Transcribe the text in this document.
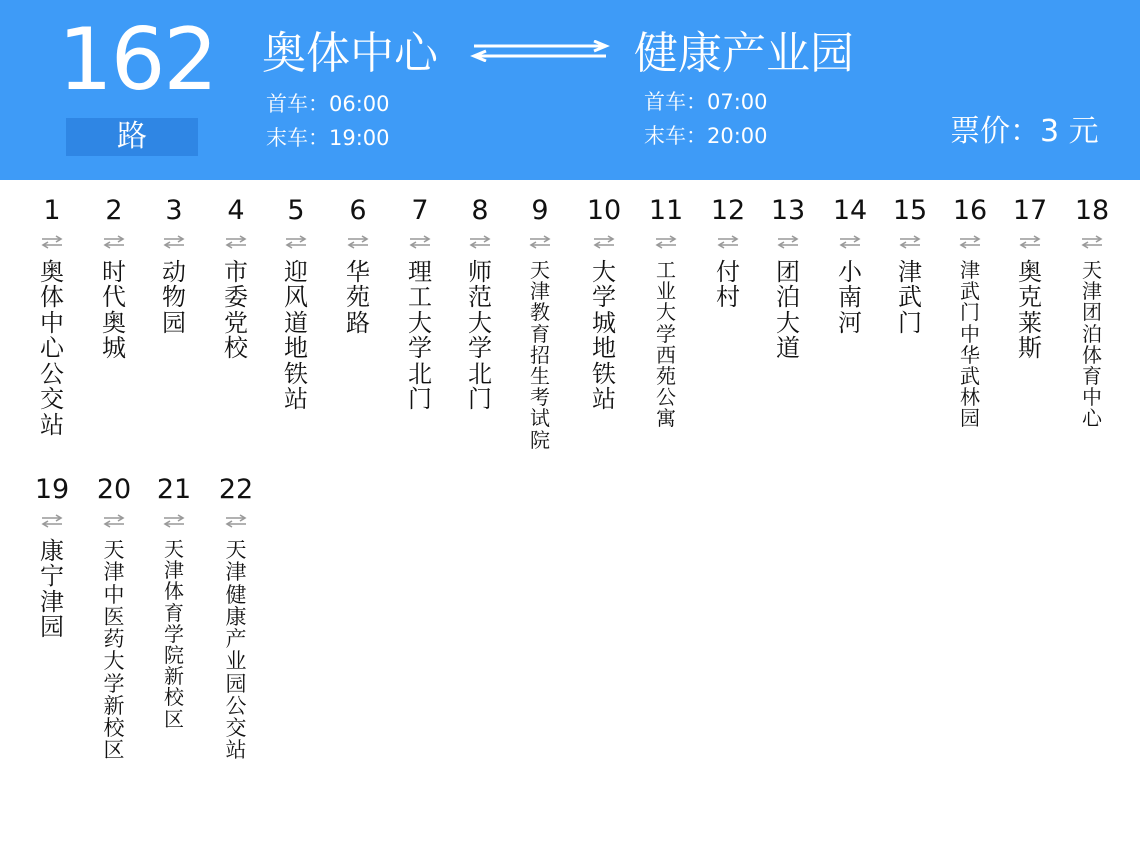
162
路
奥体中心	健康产业园
首车：06:00
末车：19:00
首车：07:00
末车：20:00	票价：3 元
1
奥
体
中
心
公
交
站
2
时
代
奥
城
3
动
物
园
4
市
委
党
校
5
迎
风
道
地
铁
站
6
华
苑
路
7
理
工
大
学
北
门
8
师
范
大
学
北
门
9
天
津
教
育
招
生
考
试
院
10
大
学
城
地
铁
站
11
工
业
大
学
西
苑
公
寓
12
付
村
13
团
泊
大
道
14
小
南
河
15
津
武
门
16
津
武
门
中
华
武
林
园
17
奥
克
莱
斯
18
天
津
团
泊
体
育
中
心
19
康
宁
津
园
20
天
津
中
医
药
大
学
新
校
区
21
天
津
体
育
学
院
新
校
区
22
天
津
健
康
产
业
园
公
交
站
